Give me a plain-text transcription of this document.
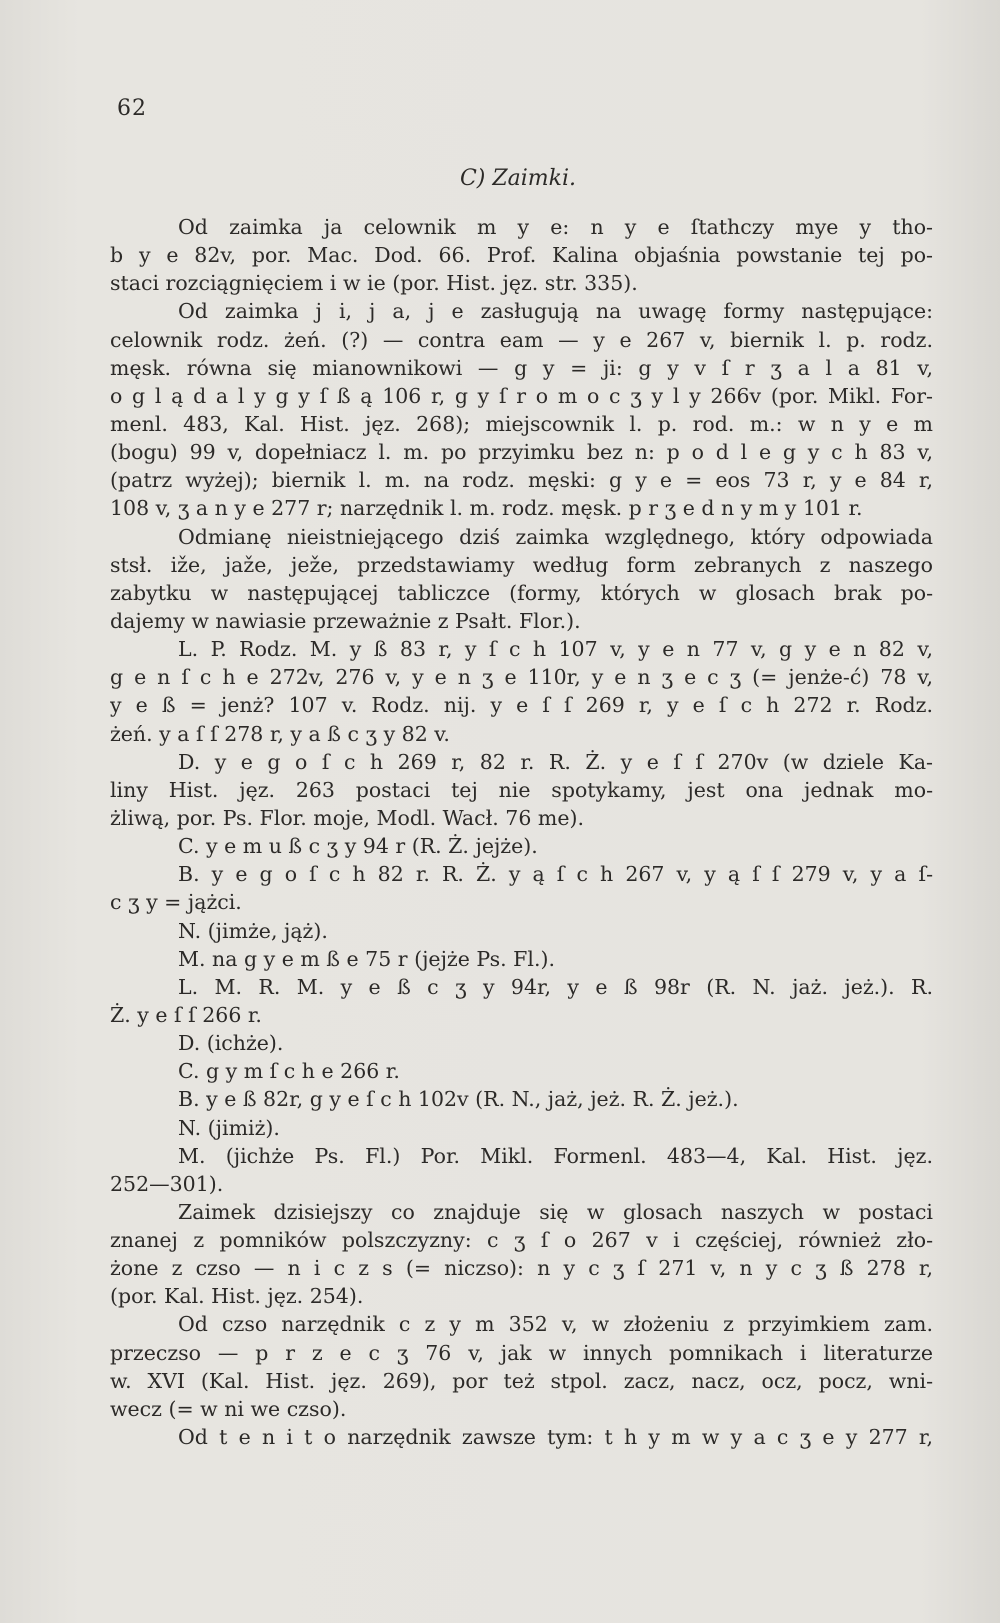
62
C) Zaimki.
Od zaimka ja celownik m y e: n y e ſtathczy mye y tho-
b y e 82v, por. Mac. Dod. 66. Prof. Kalina objaśnia powstanie tej po-
staci rozciągnięciem i w ie (por. Hist. jęz. str. 335).
Od zaimka j i, j a, j e zasługują na uwagę formy następujące:
celownik rodz. żeń. (?) — contra eam — y e 267 v, biernik l. p. rodz.
męsk. równa się mianownikowi — g y = ji: g y v ſ r ʒ a l a 81 v,
o g l ą d a l y g y ſ ß ą 106 r, g y ſ r o m o c ʒ y l y 266v (por. Mikl. For-
menl. 483, Kal. Hist. jęz. 268); miejscownik l. p. rod. m.: w n y e m
(bogu) 99 v, dopełniacz l. m. po przyimku bez n: p o d l e g y c h 83 v,
(patrz wyżej); biernik l. m. na rodz. męski: g y e = eos 73 r, y e 84 r,
108 v, ʒ a n y e 277 r; narzędnik l. m. rodz. męsk. p r ʒ e d n y m y 101 r.
Odmianę nieistniejącego dziś zaimka względnego, który odpowiada
stsł. iže, jaže, ježe, przedstawiamy według form zebranych z naszego
zabytku w następującej tabliczce (formy, których w glosach brak po-
dajemy w nawiasie przeważnie z Psałt. Flor.).
L. P. Rodz. M. y ß 83 r, y ſ c h 107 v, y e n 77 v, g y e n 82 v,
g e n ſ c h e 272v, 276 v, y e n ʒ e 110r, y e n ʒ e c ʒ (= jenże-ć) 78 v,
y e ß = jenż? 107 v. Rodz. nij. y e ſ ſ 269 r, y e ſ c h 272 r. Rodz.
żeń. y a ſ ſ 278 r, y a ß c ʒ y 82 v.
D. y e g o ſ c h 269 r, 82 r. R. Ż. y e ſ ſ 270v (w dziele Ka-
liny Hist. jęz. 263 postaci tej nie spotykamy, jest ona jednak mo-
żliwą, por. Ps. Flor. moje, Modl. Wacł. 76 me).
C. y e m u ß c ʒ y 94 r (R. Ż. jejże).
B. y e g o ſ c h 82 r. R. Ż. y ą ſ c h 267 v, y ą ſ ſ 279 v, y a ſ-
c ʒ y = jążci.
N. (jimże, jąż).
M. na g y e m ß e 75 r (jejże Ps. Fl.).
L. M. R. M. y e ß c ʒ y 94r, y e ß 98r (R. N. jaż. jeż.). R.
Ż. y e ſ ſ 266 r.
D. (ichże).
C. g y m ſ c h e 266 r.
B. y e ß 82r, g y e ſ c h 102v (R. N., jaż, jeż. R. Ż. jeż.).
N. (jimiż).
M. (jichże Ps. Fl.) Por. Mikl. Formenl. 483—4, Kal. Hist. jęz.
252—301).
Zaimek dzisiejszy co znajduje się w glosach naszych w postaci
znanej z pomników polszczyzny: c ʒ ſ o 267 v i częściej, również zło-
żone z czso — n i c z s (= niczso): n y c ʒ ſ 271 v, n y c ʒ ß 278 r,
(por. Kal. Hist. jęz. 254).
Od czso narzędnik c z y m 352 v, w złożeniu z przyimkiem zam.
przeczso — p r z e c ʒ 76 v, jak w innych pomnikach i literaturze
w. XVI (Kal. Hist. jęz. 269), por też stpol. zacz, nacz, ocz, pocz, wni-
wecz (= w ni we czso).
Od t e n i t o narzędnik zawsze tym: t h y m w y a c ʒ e y 277 r,
